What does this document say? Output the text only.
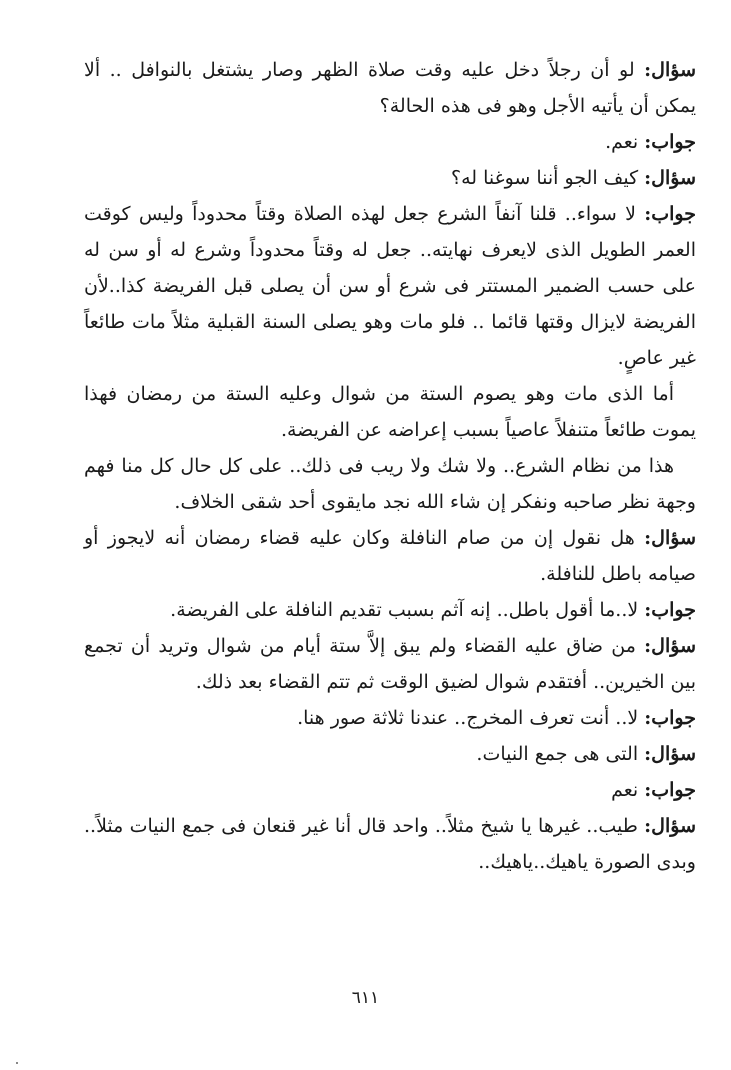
سؤال: لو أن رجلاً دخل عليه وقت صلاة الظهر وصار يشتغل بالنوافل .. ألا يمكن أن يأتيه الأجل وهو فى هذه الحالة؟

جواب: نعم.

سؤال: كيف الجو أننا سوغنا له؟

جواب: لا سواء.. قلنا آنفاً الشرع جعل لهذه الصلاة وقتاً محدوداً وليس كوقت العمر الطويل الذى لايعرف نهايته.. جعل له وقتاً محدوداً وشرع له أو سن له على حسب الضمير المستتر فى شرع أو سن أن يصلى قبل الفريضة كذا..لأن الفريضة لايزال وقتها قائما .. فلو مات وهو يصلى السنة القبلية مثلاً مات طائعاً غير عاصٍ.

أما الذى مات وهو يصوم الستة من شوال وعليه الستة من رمضان فهذا يموت طائعاً متنفلاً عاصياً بسبب إعراضه عن الفريضة.

هذا من نظام الشرع.. ولا شك ولا ريب فى ذلك.. على كل حال كل منا فهم وجهة نظر صاحبه ونفكر إن شاء الله نجد مايقوى أحد شقى الخلاف.

سؤال: هل نقول إن من صام النافلة وكان عليه قضاء رمضان أنه لايجوز أو صيامه باطل للنافلة.

جواب: لا..ما أقول باطل.. إنه آثم بسبب تقديم النافلة على الفريضة.

سؤال: من ضاق عليه القضاء ولم يبق إلاَّ ستة أيام من شوال وتريد أن تجمع بين الخيرين.. أفتقدم شوال لضيق الوقت ثم تتم القضاء بعد ذلك.

جواب: لا.. أنت تعرف المخرج.. عندنا ثلاثة صور هنا.

سؤال: التى هى جمع النيات.

جواب: نعم

سؤال: طيب.. غيرها يا شيخ مثلاً.. واحد قال أنا غير قنعان فى جمع النيات مثلاً.. وبدى الصورة ياهيك..ياهيك..

٦١١
